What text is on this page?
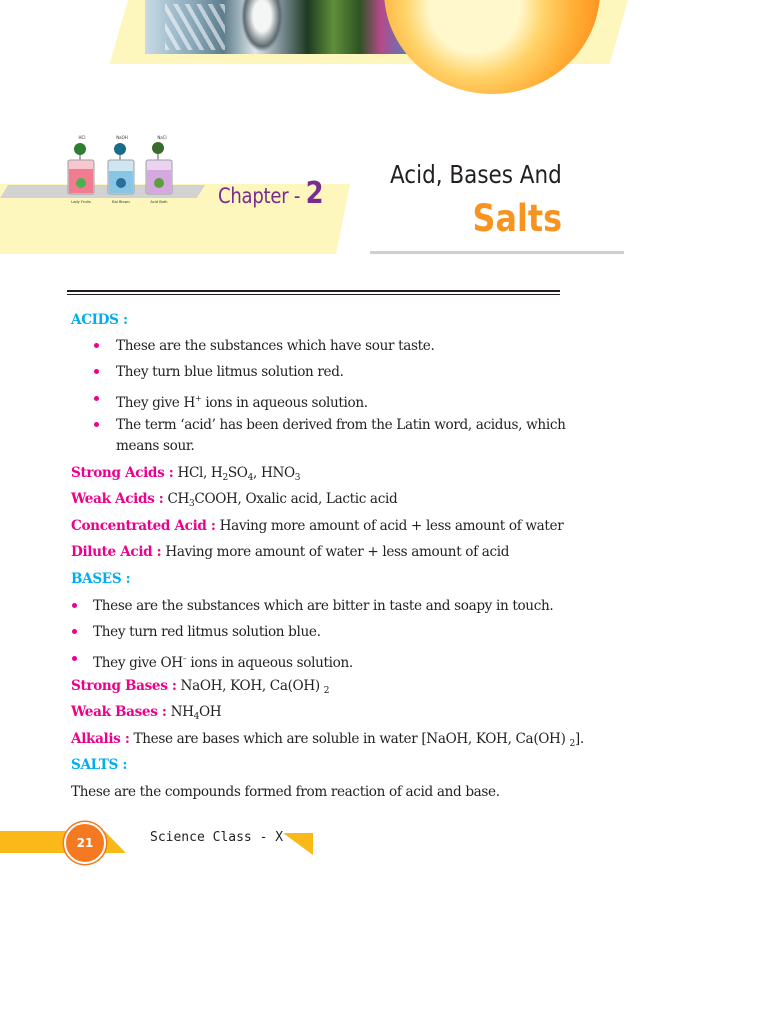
HCl
Lady Fruits
NaOH
Bal Blown
NaCl
Acid Both Chapter - 2
Acid, Bases And
Salts
ACIDS :
These are the substances which have sour taste.
They turn blue litmus solution red.
They give H+ ions in aqueous solution.
The term ‘acid’ has been derived from the Latin word, acidus, which
means sour.
Strong Acids : HCl, $H_2SO_4$, $HNO_3$
Weak Acids : $CH_3COOH$, Oxalic acid, Lactic acid
Concentrated Acid : Having more amount of acid + less amount of water
Dilute Acid : Having more amount of water + less amount of acid
BASES :
These are the substances which are bitter in taste and soapy in touch.
They turn red litmus solution blue.
They give OH– ions in aqueous solution.
Strong Bases : NaOH, KOH, Ca(OH) $_2$
Weak Bases : $NH_4OH$
Alkalis : These are bases which are soluble in water [NaOH, KOH, Ca(OH) $_2$].
SALTS :
These are the compounds formed from reaction of acid and base.
21	Science Class - X
